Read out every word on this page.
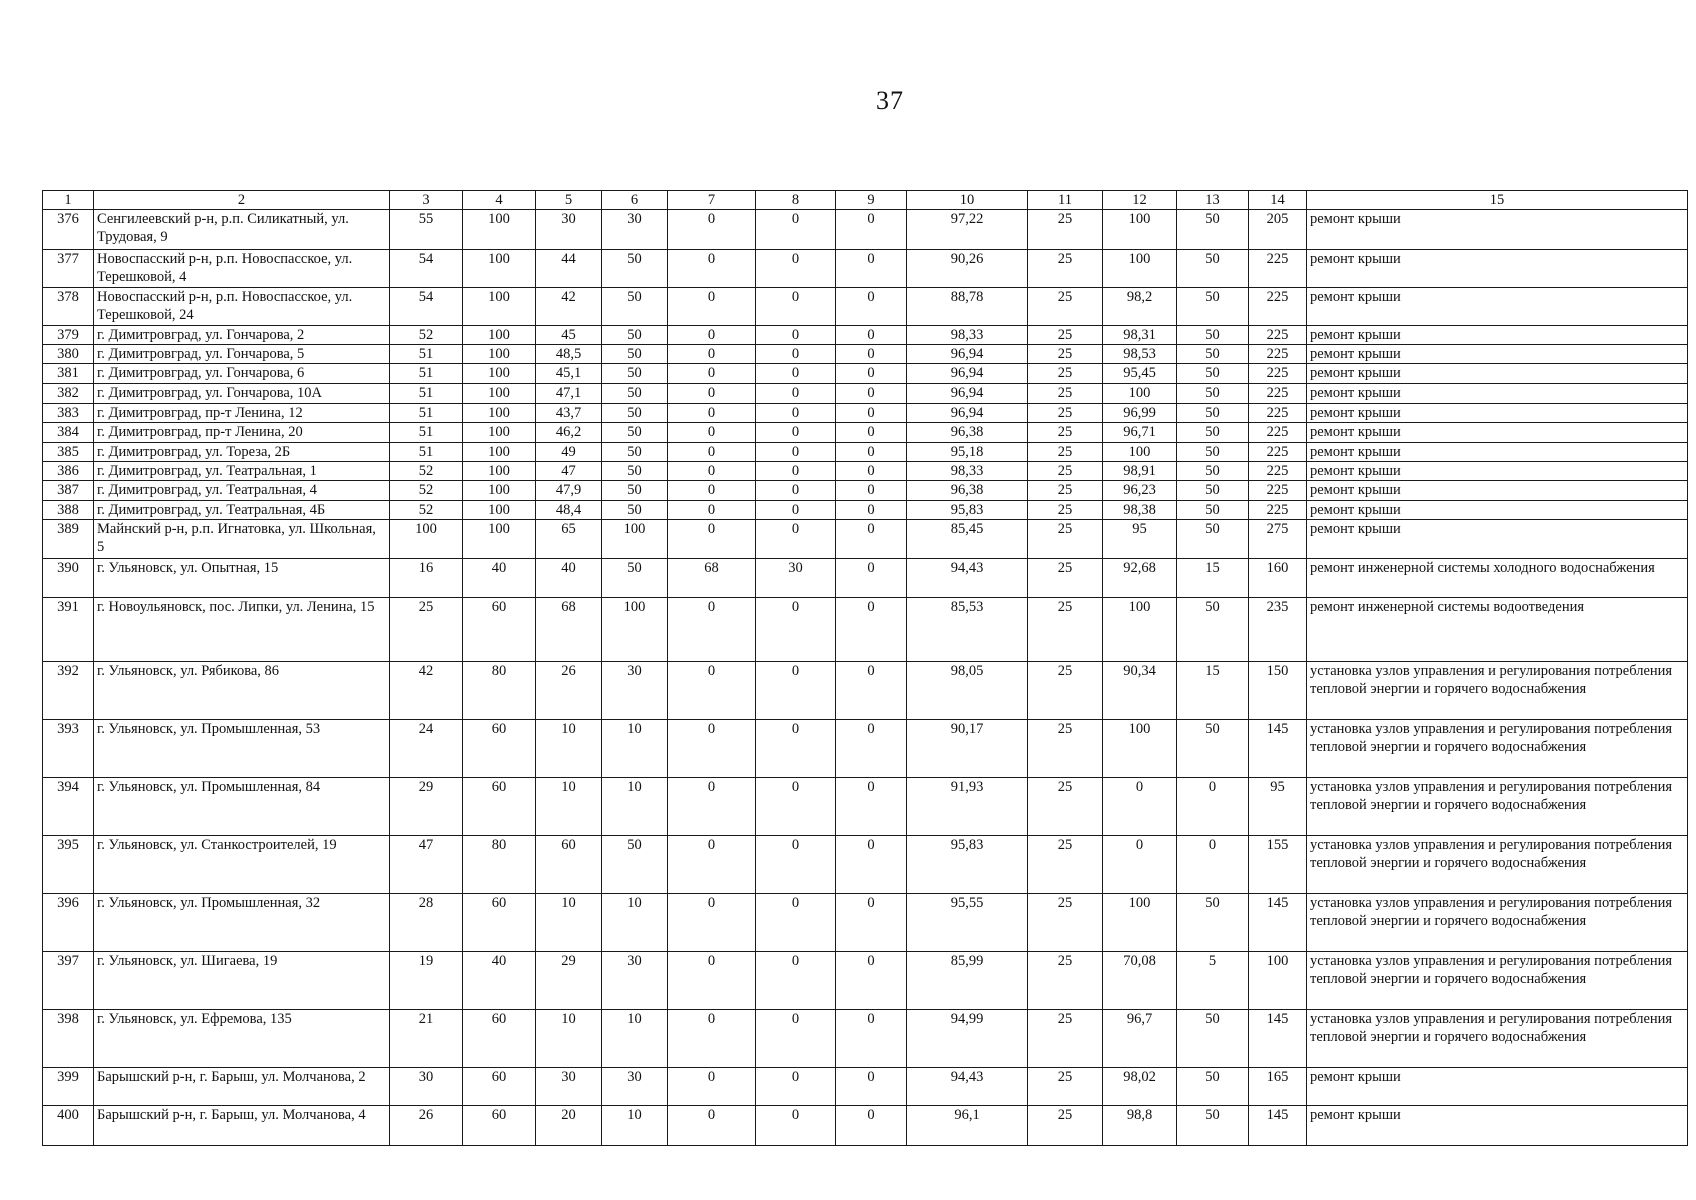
37
1	2	3	4	5	6	7	8	9	10	11	12	13	14	15
376	Сенгилеевский р-н, р.п. Силикатный, ул. Трудовая, 9	55	100	30	30	0	0	0	97,22	25	100	50	205	ремонт крыши
377	Новоспасский р-н, р.п. Новоспасское, ул. Терешковой, 4	54	100	44	50	0	0	0	90,26	25	100	50	225	ремонт крыши
378	Новоспасский р-н, р.п. Новоспасское, ул. Терешковой, 24	54	100	42	50	0	0	0	88,78	25	98,2	50	225	ремонт крыши
379	г. Димитровград, ул. Гончарова, 2	52	100	45	50	0	0	0	98,33	25	98,31	50	225	ремонт крыши
380	г. Димитровград, ул. Гончарова, 5	51	100	48,5	50	0	0	0	96,94	25	98,53	50	225	ремонт крыши
381	г. Димитровград, ул. Гончарова, 6	51	100	45,1	50	0	0	0	96,94	25	95,45	50	225	ремонт крыши
382	г. Димитровград, ул. Гончарова, 10А	51	100	47,1	50	0	0	0	96,94	25	100	50	225	ремонт крыши
383	г. Димитровград, пр-т Ленина, 12	51	100	43,7	50	0	0	0	96,94	25	96,99	50	225	ремонт крыши
384	г. Димитровград, пр-т Ленина, 20	51	100	46,2	50	0	0	0	96,38	25	96,71	50	225	ремонт крыши
385	г. Димитровград, ул. Тореза, 2Б	51	100	49	50	0	0	0	95,18	25	100	50	225	ремонт крыши
386	г. Димитровград, ул. Театральная, 1	52	100	47	50	0	0	0	98,33	25	98,91	50	225	ремонт крыши
387	г. Димитровград, ул. Театральная, 4	52	100	47,9	50	0	0	0	96,38	25	96,23	50	225	ремонт крыши
388	г. Димитровград, ул. Театральная, 4Б	52	100	48,4	50	0	0	0	95,83	25	98,38	50	225	ремонт крыши
389	Майнский р-н, р.п. Игнатовка, ул. Школьная, 5	100	100	65	100	0	0	0	85,45	25	95	50	275	ремонт крыши
390	г. Ульяновск, ул. Опытная, 15	16	40	40	50	68	30	0	94,43	25	92,68	15	160	ремонт инженерной системы холодного водоснабжения
391	г. Новоульяновск, пос. Липки, ул. Ленина, 15	25	60	68	100	0	0	0	85,53	25	100	50	235	ремонт инженерной системы водоотведения
392	г. Ульяновск, ул. Рябикова, 86	42	80	26	30	0	0	0	98,05	25	90,34	15	150	установка узлов управления и регулирования потребления тепловой энергии и горячего водоснабжения
393	г. Ульяновск, ул. Промышленная, 53	24	60	10	10	0	0	0	90,17	25	100	50	145	установка узлов управления и регулирования потребления тепловой энергии и горячего водоснабжения
394	г. Ульяновск, ул. Промышленная, 84	29	60	10	10	0	0	0	91,93	25	0	0	95	установка узлов управления и регулирования потребления тепловой энергии и горячего водоснабжения
395	г. Ульяновск, ул. Станкостроителей, 19	47	80	60	50	0	0	0	95,83	25	0	0	155	установка узлов управления и регулирования потребления тепловой энергии и горячего водоснабжения
396	г. Ульяновск, ул. Промышленная, 32	28	60	10	10	0	0	0	95,55	25	100	50	145	установка узлов управления и регулирования потребления тепловой энергии и горячего водоснабжения
397	г. Ульяновск, ул. Шигаева, 19	19	40	29	30	0	0	0	85,99	25	70,08	5	100	установка узлов управления и регулирования потребления тепловой энергии и горячего водоснабжения
398	г. Ульяновск, ул. Ефремова, 135	21	60	10	10	0	0	0	94,99	25	96,7	50	145	установка узлов управления и регулирования потребления тепловой энергии и горячего водоснабжения
399	Барышский р-н, г. Барыш, ул. Молчанова, 2	30	60	30	30	0	0	0	94,43	25	98,02	50	165	ремонт крыши
400	Барышский р-н, г. Барыш, ул. Молчанова, 4	26	60	20	10	0	0	0	96,1	25	98,8	50	145	ремонт крыши
